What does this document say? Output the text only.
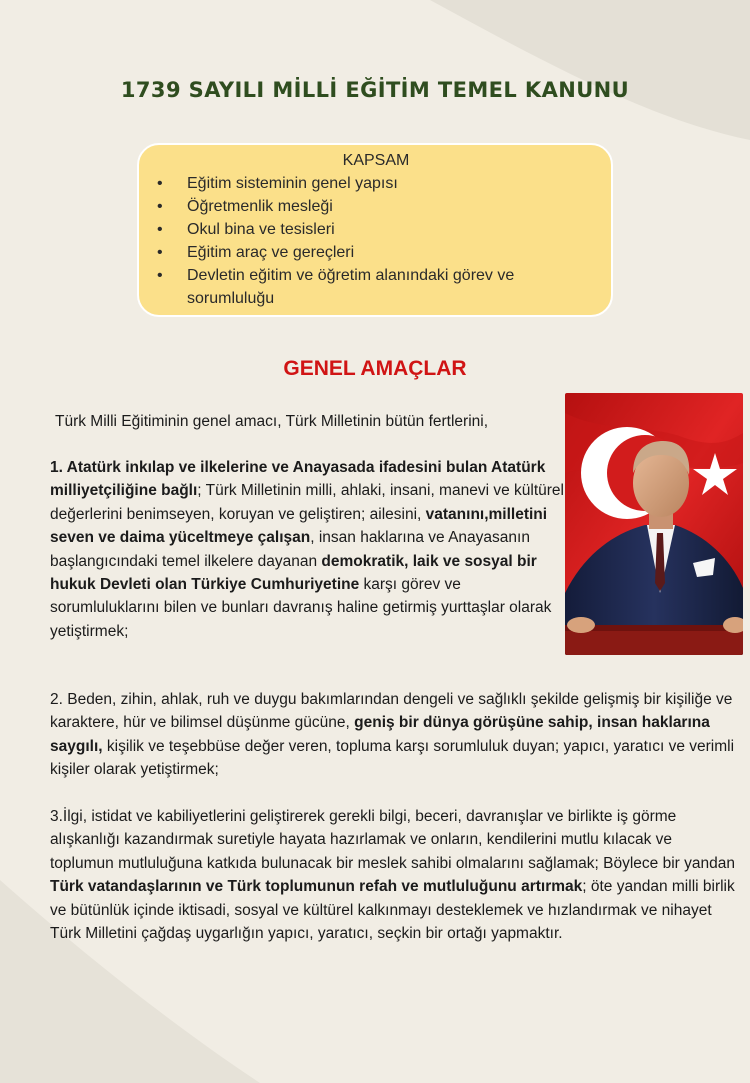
1739 SAYILI MİLLİ EĞİTİM TEMEL KANUNU
KAPSAM
• Eğitim sisteminin genel yapısı
• Öğretmenlik mesleği
• Okul bina ve tesisleri
• Eğitim araç ve gereçleri
• Devletin eğitim ve öğretim alanındaki görev ve sorumluluğu
GENEL AMAÇLAR
Türk Milli Eğitiminin genel amacı, Türk Milletinin bütün fertlerini,
1. Atatürk inkılap ve ilkelerine ve Anayasada ifadesini bulan Atatürk milliyetçiliğine bağlı; Türk Milletinin milli, ahlaki, insani, manevi ve kültürel değerlerini benimseyen, koruyan ve geliştiren; ailesini, vatanını,milletini seven ve daima yüceltmeye çalışan, insan haklarına ve Anayasanın başlangıcındaki temel ilkelere dayanan demokratik, laik ve sosyal bir hukuk Devleti olan Türkiye Cumhuriyetine karşı görev ve sorumluluklarını bilen ve bunları davranış haline getirmiş yurttaşlar olarak yetiştirmek;
2. Beden, zihin, ahlak, ruh ve duygu bakımlarından dengeli ve sağlıklı şekilde gelişmiş bir kişiliğe ve karaktere, hür ve bilimsel düşünme gücüne, geniş bir dünya görüşüne sahip, insan haklarına saygılı, kişilik ve teşebbüse değer veren, topluma karşı sorumluluk duyan; yapıcı, yaratıcı ve verimli kişiler olarak yetiştirmek;
3.İlgi, istidat ve kabiliyetlerini geliştirerek gerekli bilgi, beceri, davranışlar ve birlikte iş görme alışkanlığı kazandırmak suretiyle hayata hazırlamak ve onların, kendilerini mutlu kılacak ve toplumun mutluluğuna katkıda bulunacak bir meslek sahibi olmalarını sağlamak; Böylece bir yandan Türk vatandaşlarının ve Türk toplumunun refah ve mutluluğunu artırmak; öte yandan milli birlik ve bütünlük içinde iktisadi, sosyal ve kültürel kalkınmayı desteklemek ve hızlandırmak ve nihayet Türk Milletini çağdaş uygarlığın yapıcı, yaratıcı, seçkin bir ortağı yapmaktır.
